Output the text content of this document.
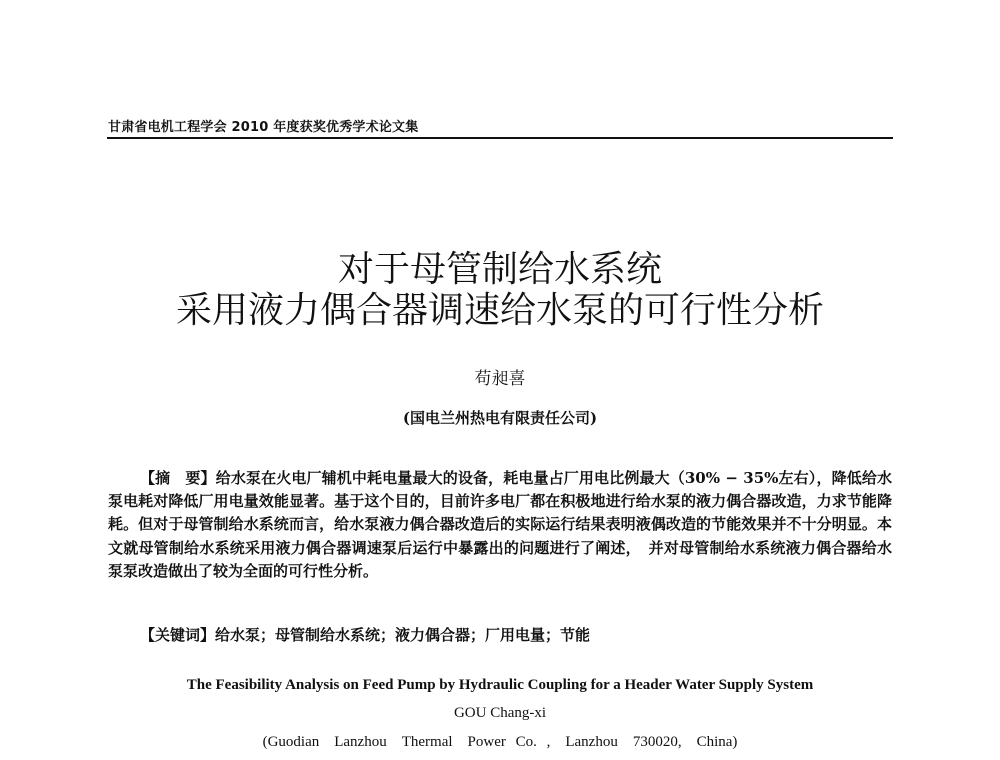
甘肃省电机工程学会 2010 年度获奖优秀学术论文集
对于母管制给水系统
采用液力偶合器调速给水泵的可行性分析
苟昶喜
(国电兰州热电有限责任公司)
【摘　要】给水泵在火电厂辅机中耗电量最大的设备，耗电量占厂用电比例最大（30% − 35%左右），降低给水泵电耗对降低厂用电量效能显著。基于这个目的，目前许多电厂都在积极地进行给水泵的液力偶合器改造，力求节能降耗。但对于母管制给水系统而言，给水泵液力偶合器改造后的实际运行结果表明液偶改造的节能效果并不十分明显。本文就母管制给水系统采用液力偶合器调速泵后运行中暴露出的问题进行了阐述，　并对母管制给水系统液力偶合器给水泵泵改造做出了较为全面的可行性分析。
【关键词】给水泵；母管制给水系统；液力偶合器；厂用电量；节能
The Feasibility Analysis on Feed Pump by Hydraulic Coupling for a Header Water Supply System
GOU Chang-xi
(Guodian　Lanzhou　Thermal　Power Co. ,　Lanzhou　730020,　China)
